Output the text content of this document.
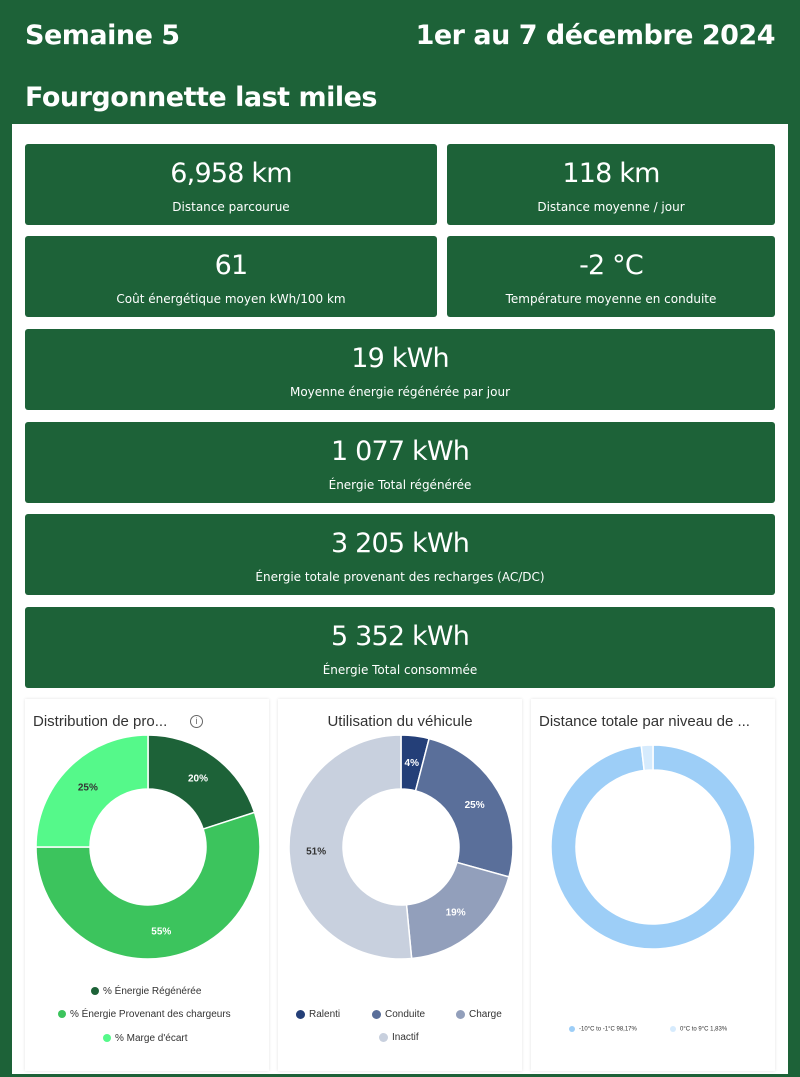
Semaine 5	1er au 7 décembre 2024
Fourgonnette last miles
6,958 km
Distance parcourue
118 km
Distance moyenne / jour
61
Coût énergétique moyen kWh/100 km
-2 °C
Température moyenne en conduite
19 kWh
Moyenne énergie régénérée par jour
1 077 kWh
Énergie Total régénérée
3 205 kWh
Énergie totale provenant des recharges (AC/DC)
5 352 kWh
Énergie Total consommée
Distribution de pro...	i
20%
55%
25%
% Énergie Régénérée
% Énergie Provenant des chargeurs
% Marge d'écart
Utilisation du véhicule
4%
25%
19%
51%
Ralenti	Conduite	Charge
Inactif
Distance totale par niveau de ...
-10°C to -1°C 98,17%	0°C to 9°C 1,83%
